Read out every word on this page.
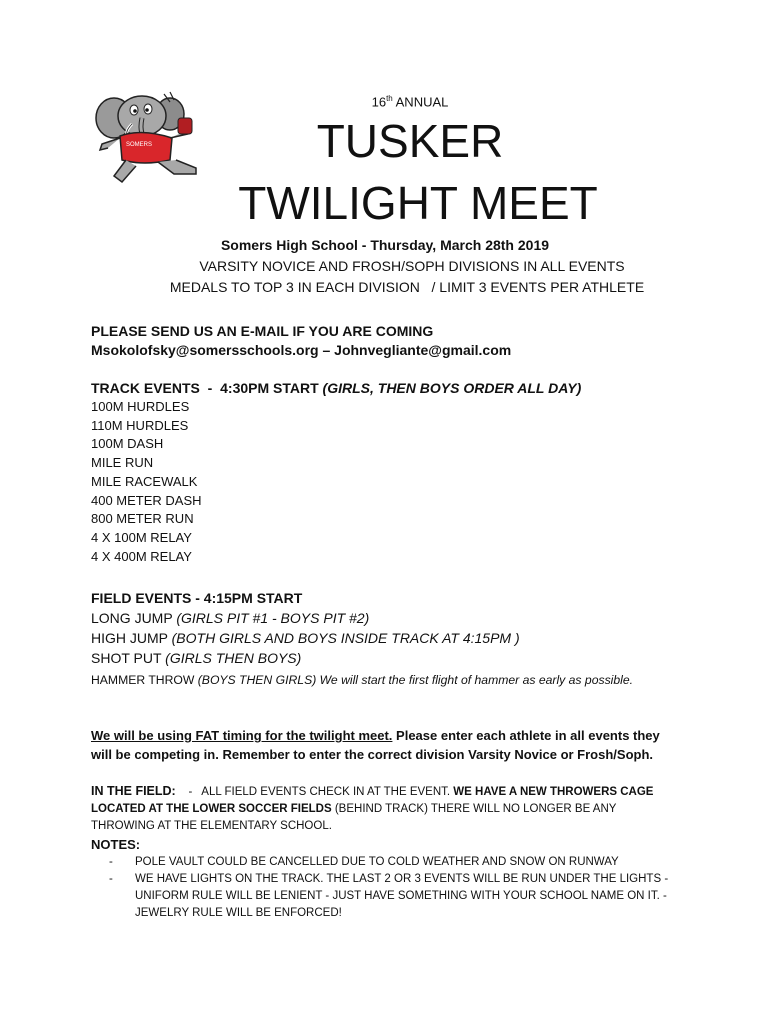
SOMERS
16th ANNUAL
TUSKER
TWILIGHT MEET
Somers High School - Thursday, March 28th 2019
VARSITY NOVICE AND FROSH/SOPH DIVISIONS IN ALL EVENTS
MEDALS TO TOP 3 IN EACH DIVISION   / LIMIT 3 EVENTS PER ATHLETE
PLEASE SEND US AN E-MAIL IF YOU ARE COMING
Msokolofsky@somersschools.org – Johnvegliante@gmail.com
TRACK EVENTS  -  4:30PM START (GIRLS, THEN BOYS ORDER ALL DAY)
100M HURDLES
110M HURDLES
100M DASH
MILE RUN
MILE RACEWALK
400 METER DASH
800 METER RUN
4 X 100M RELAY
4 X 400M RELAY
FIELD EVENTS - 4:15PM START
LONG JUMP (GIRLS PIT #1 - BOYS PIT #2)
HIGH JUMP (BOTH GIRLS AND BOYS INSIDE TRACK AT 4:15PM )
SHOT PUT (GIRLS THEN BOYS)
HAMMER THROW (BOYS THEN GIRLS) We will start the first flight of hammer as early as possible.
We will be using FAT timing for the twilight meet. Please enter each athlete in all events they will be competing in. Remember to enter the correct division Varsity Novice or Frosh/Soph.
IN THE FIELD:    -   ALL FIELD EVENTS CHECK IN AT THE EVENT. WE HAVE A NEW THROWERS CAGE LOCATED AT THE LOWER SOCCER FIELDS (BEHIND TRACK) THERE WILL NO LONGER BE ANY THROWING AT THE ELEMENTARY SCHOOL.
NOTES:
- POLE VAULT COULD BE CANCELLED DUE TO COLD WEATHER AND SNOW ON RUNWAY
- WE HAVE LIGHTS ON THE TRACK. THE LAST 2 OR 3 EVENTS WILL BE RUN UNDER THE LIGHTS - UNIFORM RULE WILL BE LENIENT - JUST HAVE SOMETHING WITH YOUR SCHOOL NAME ON IT. - JEWELRY RULE WILL BE ENFORCED!
